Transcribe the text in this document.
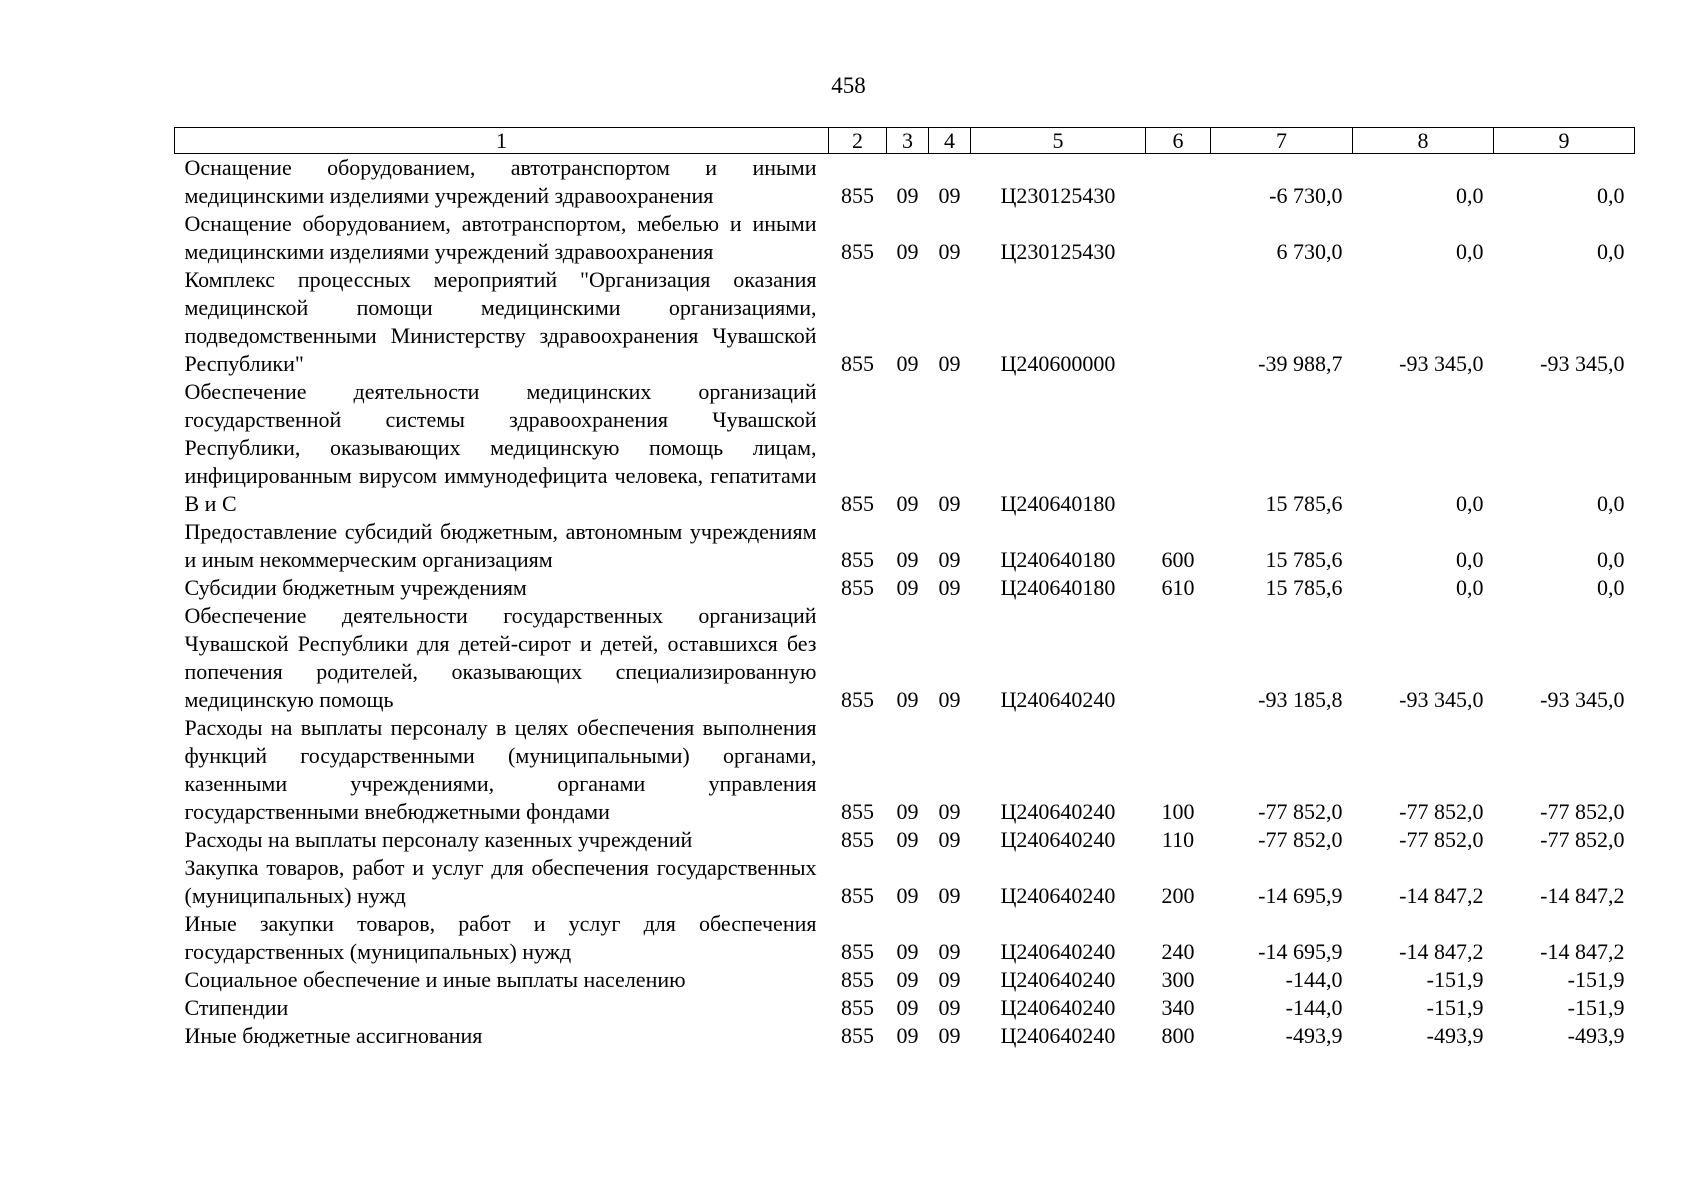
458
1	2	3	4	5	6	7	8	9
Оснащение оборудованием, автотранспортом и иными медицинскими изделиями учреждений здравоохранения	855	09	09	Ц230125430		-6 730,0	0,0	0,0
Оснащение оборудованием, автотранспортом, мебелью и иными медицинскими изделиями учреждений здравоохранения	855	09	09	Ц230125430		6 730,0	0,0	0,0
Комплекс процессных мероприятий "Организация оказания медицинской помощи медицинскими организациями, подведомственными Министерству здравоохранения Чувашской Республики"	855	09	09	Ц240600000		-39 988,7	-93 345,0	-93 345,0
Обеспечение деятельности медицинских организаций государственной системы здравоохранения Чувашской Республики, оказывающих медицинскую помощь лицам, инфицированным вирусом иммунодефицита человека, гепатитами B и C	855	09	09	Ц240640180		15 785,6	0,0	0,0
Предоставление субсидий бюджетным, автономным учреждениям и иным некоммерческим организациям	855	09	09	Ц240640180	600	15 785,6	0,0	0,0
Субсидии бюджетным учреждениям	855	09	09	Ц240640180	610	15 785,6	0,0	0,0
Обеспечение деятельности государственных организаций Чувашской Республики для детей-сирот и детей, оставшихся без попечения родителей, оказывающих специализированную медицинскую помощь	855	09	09	Ц240640240		-93 185,8	-93 345,0	-93 345,0
Расходы на выплаты персоналу в целях обеспечения выполнения функций государственными (муниципальными) органами, казенными учреждениями, органами управления государственными внебюджетными фондами	855	09	09	Ц240640240	100	-77 852,0	-77 852,0	-77 852,0
Расходы на выплаты персоналу казенных учреждений	855	09	09	Ц240640240	110	-77 852,0	-77 852,0	-77 852,0
Закупка товаров, работ и услуг для обеспечения государственных (муниципальных) нужд	855	09	09	Ц240640240	200	-14 695,9	-14 847,2	-14 847,2
Иные закупки товаров, работ и услуг для обеспечения государственных (муниципальных) нужд	855	09	09	Ц240640240	240	-14 695,9	-14 847,2	-14 847,2
Социальное обеспечение и иные выплаты населению	855	09	09	Ц240640240	300	-144,0	-151,9	-151,9
Стипендии	855	09	09	Ц240640240	340	-144,0	-151,9	-151,9
Иные бюджетные ассигнования	855	09	09	Ц240640240	800	-493,9	-493,9	-493,9
